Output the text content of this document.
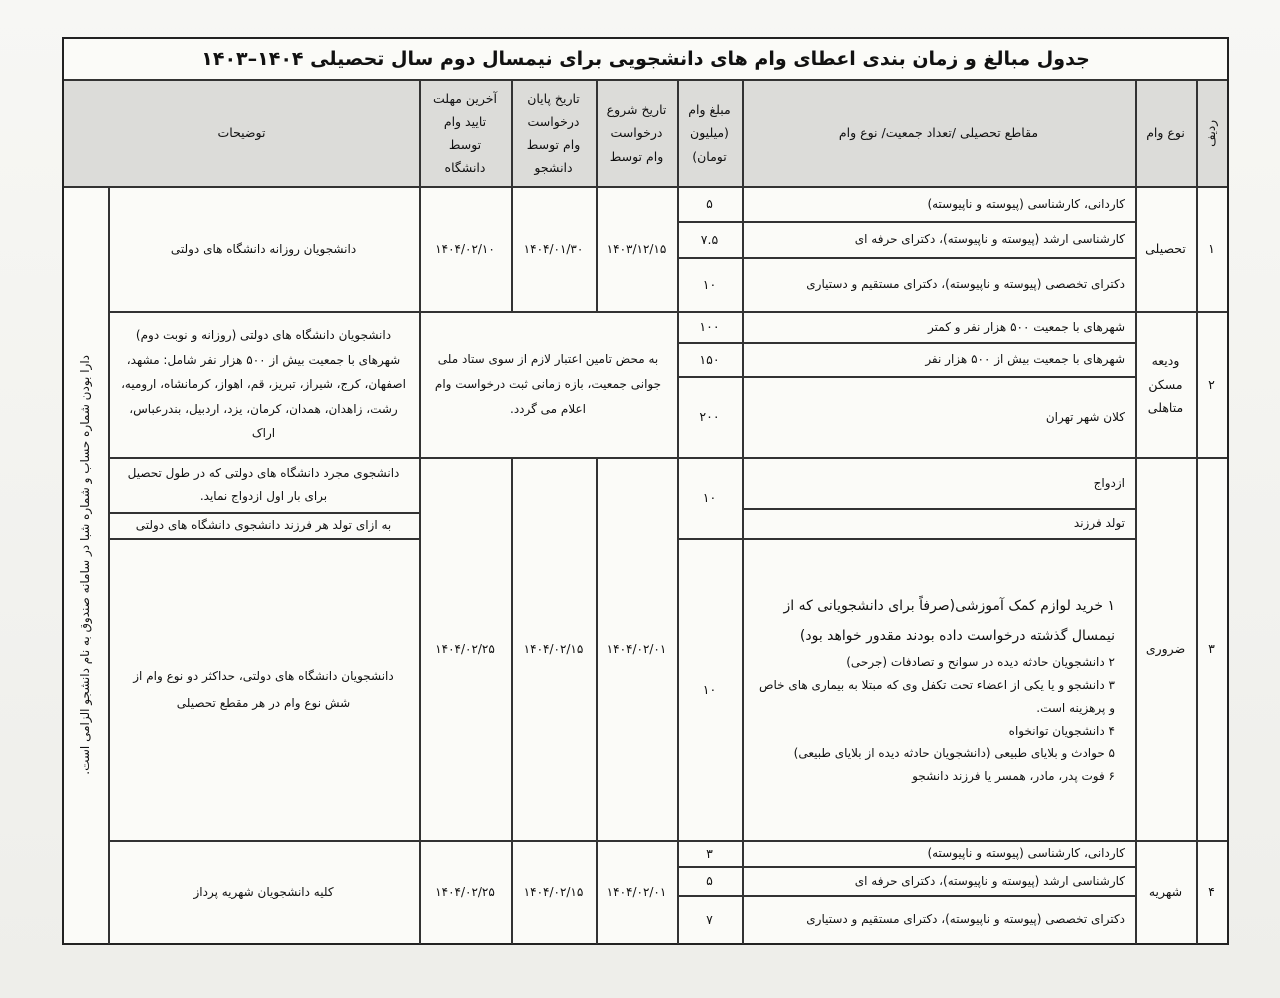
جدول مبالغ و زمان بندی اعطای وام های دانشجویی برای نیمسال دوم سال تحصیلی ۱۴۰۴–۱۴۰۳
ردیف
نوع وام
مقاطع تحصیلی /تعداد جمعیت/ نوع وام
مبلغ وام (میلیون تومان)
تاریخ شروع درخواست وام توسط
تاریخ پایان درخواست وام توسط دانشجو
آخرین مهلت تایید وام توسط دانشگاه
توضیحات
دارا بودن شماره حساب و شماره شبا در سامانه صندوق به نام دانشجو الزامی است.
۱
تحصیلی
کاردانی، کارشناسی (پیوسته و ناپیوسته)
کارشناسی ارشد (پیوسته و ناپیوسته)، دکترای حرفه ای
دکترای تخصصی (پیوسته و ناپیوسته)، دکترای مستقیم و دستیاری
۵
۷.۵
۱۰
۱۴۰۳/۱۲/۱۵
۱۴۰۴/۰۱/۳۰
۱۴۰۴/۰۲/۱۰
دانشجویان روزانه دانشگاه های دولتی
۲
ودیعه مسکن متاهلی
شهرهای با جمعیت ۵۰۰ هزار نفر و کمتر
شهرهای با جمعیت بیش از ۵۰۰ هزار نفر
کلان شهر تهران
۱۰۰
۱۵۰
۲۰۰
به محض تامین اعتبار لازم از سوی ستاد ملی جوانی جمعیت، بازه زمانی ثبت درخواست وام اعلام می گردد.
دانشجویان دانشگاه های دولتی (روزانه و نوبت دوم) شهرهای با جمعیت بیش از ۵۰۰ هزار نفر شامل: مشهد، اصفهان، کرج، شیراز، تبریز، قم، اهواز، کرمانشاه، ارومیه، رشت، زاهدان، همدان، کرمان، یزد، اردبیل، بندرعباس، اراک
۳
ضروری
ازدواج
تولد فرزند
۱۰
دانشجوی مجرد دانشگاه های دولتی که در طول تحصیل برای بار اول ازدواج نماید.
به ازای تولد هر فرزند دانشجوی دانشگاه های دولتی
۱ خرید لوازم کمک آموزشی(صرفاً برای دانشجویانی که از نیمسال گذشته درخواست داده بودند مقدور خواهد بود)
۲ دانشجویان حادثه دیده در سوانح و تصادفات (جرحی)
۳ دانشجو و یا یکی از اعضاء تحت تکفل وی که مبتلا به بیماری های خاص و پرهزینه است.
۴ دانشجویان توانخواه
۵ حوادث و بلایای طبیعی (دانشجویان حادثه دیده از بلایای طبیعی)
۶ فوت پدر، مادر، همسر یا فرزند دانشجو
۱۰
۱۴۰۴/۰۲/۰۱
۱۴۰۴/۰۲/۱۵
۱۴۰۴/۰۲/۲۵
دانشجویان دانشگاه های دولتی، حداکثر دو نوع وام از شش نوع وام در هر مقطع تحصیلی
۴
شهریه
کاردانی، کارشناسی (پیوسته و ناپیوسته)
کارشناسی ارشد (پیوسته و ناپیوسته)، دکترای حرفه ای
دکترای تخصصی (پیوسته و ناپیوسته)، دکترای مستقیم و دستیاری
۳
۵
۷
۱۴۰۴/۰۲/۰۱
۱۴۰۴/۰۲/۱۵
۱۴۰۴/۰۲/۲۵
کلیه دانشجویان شهریه پرداز
